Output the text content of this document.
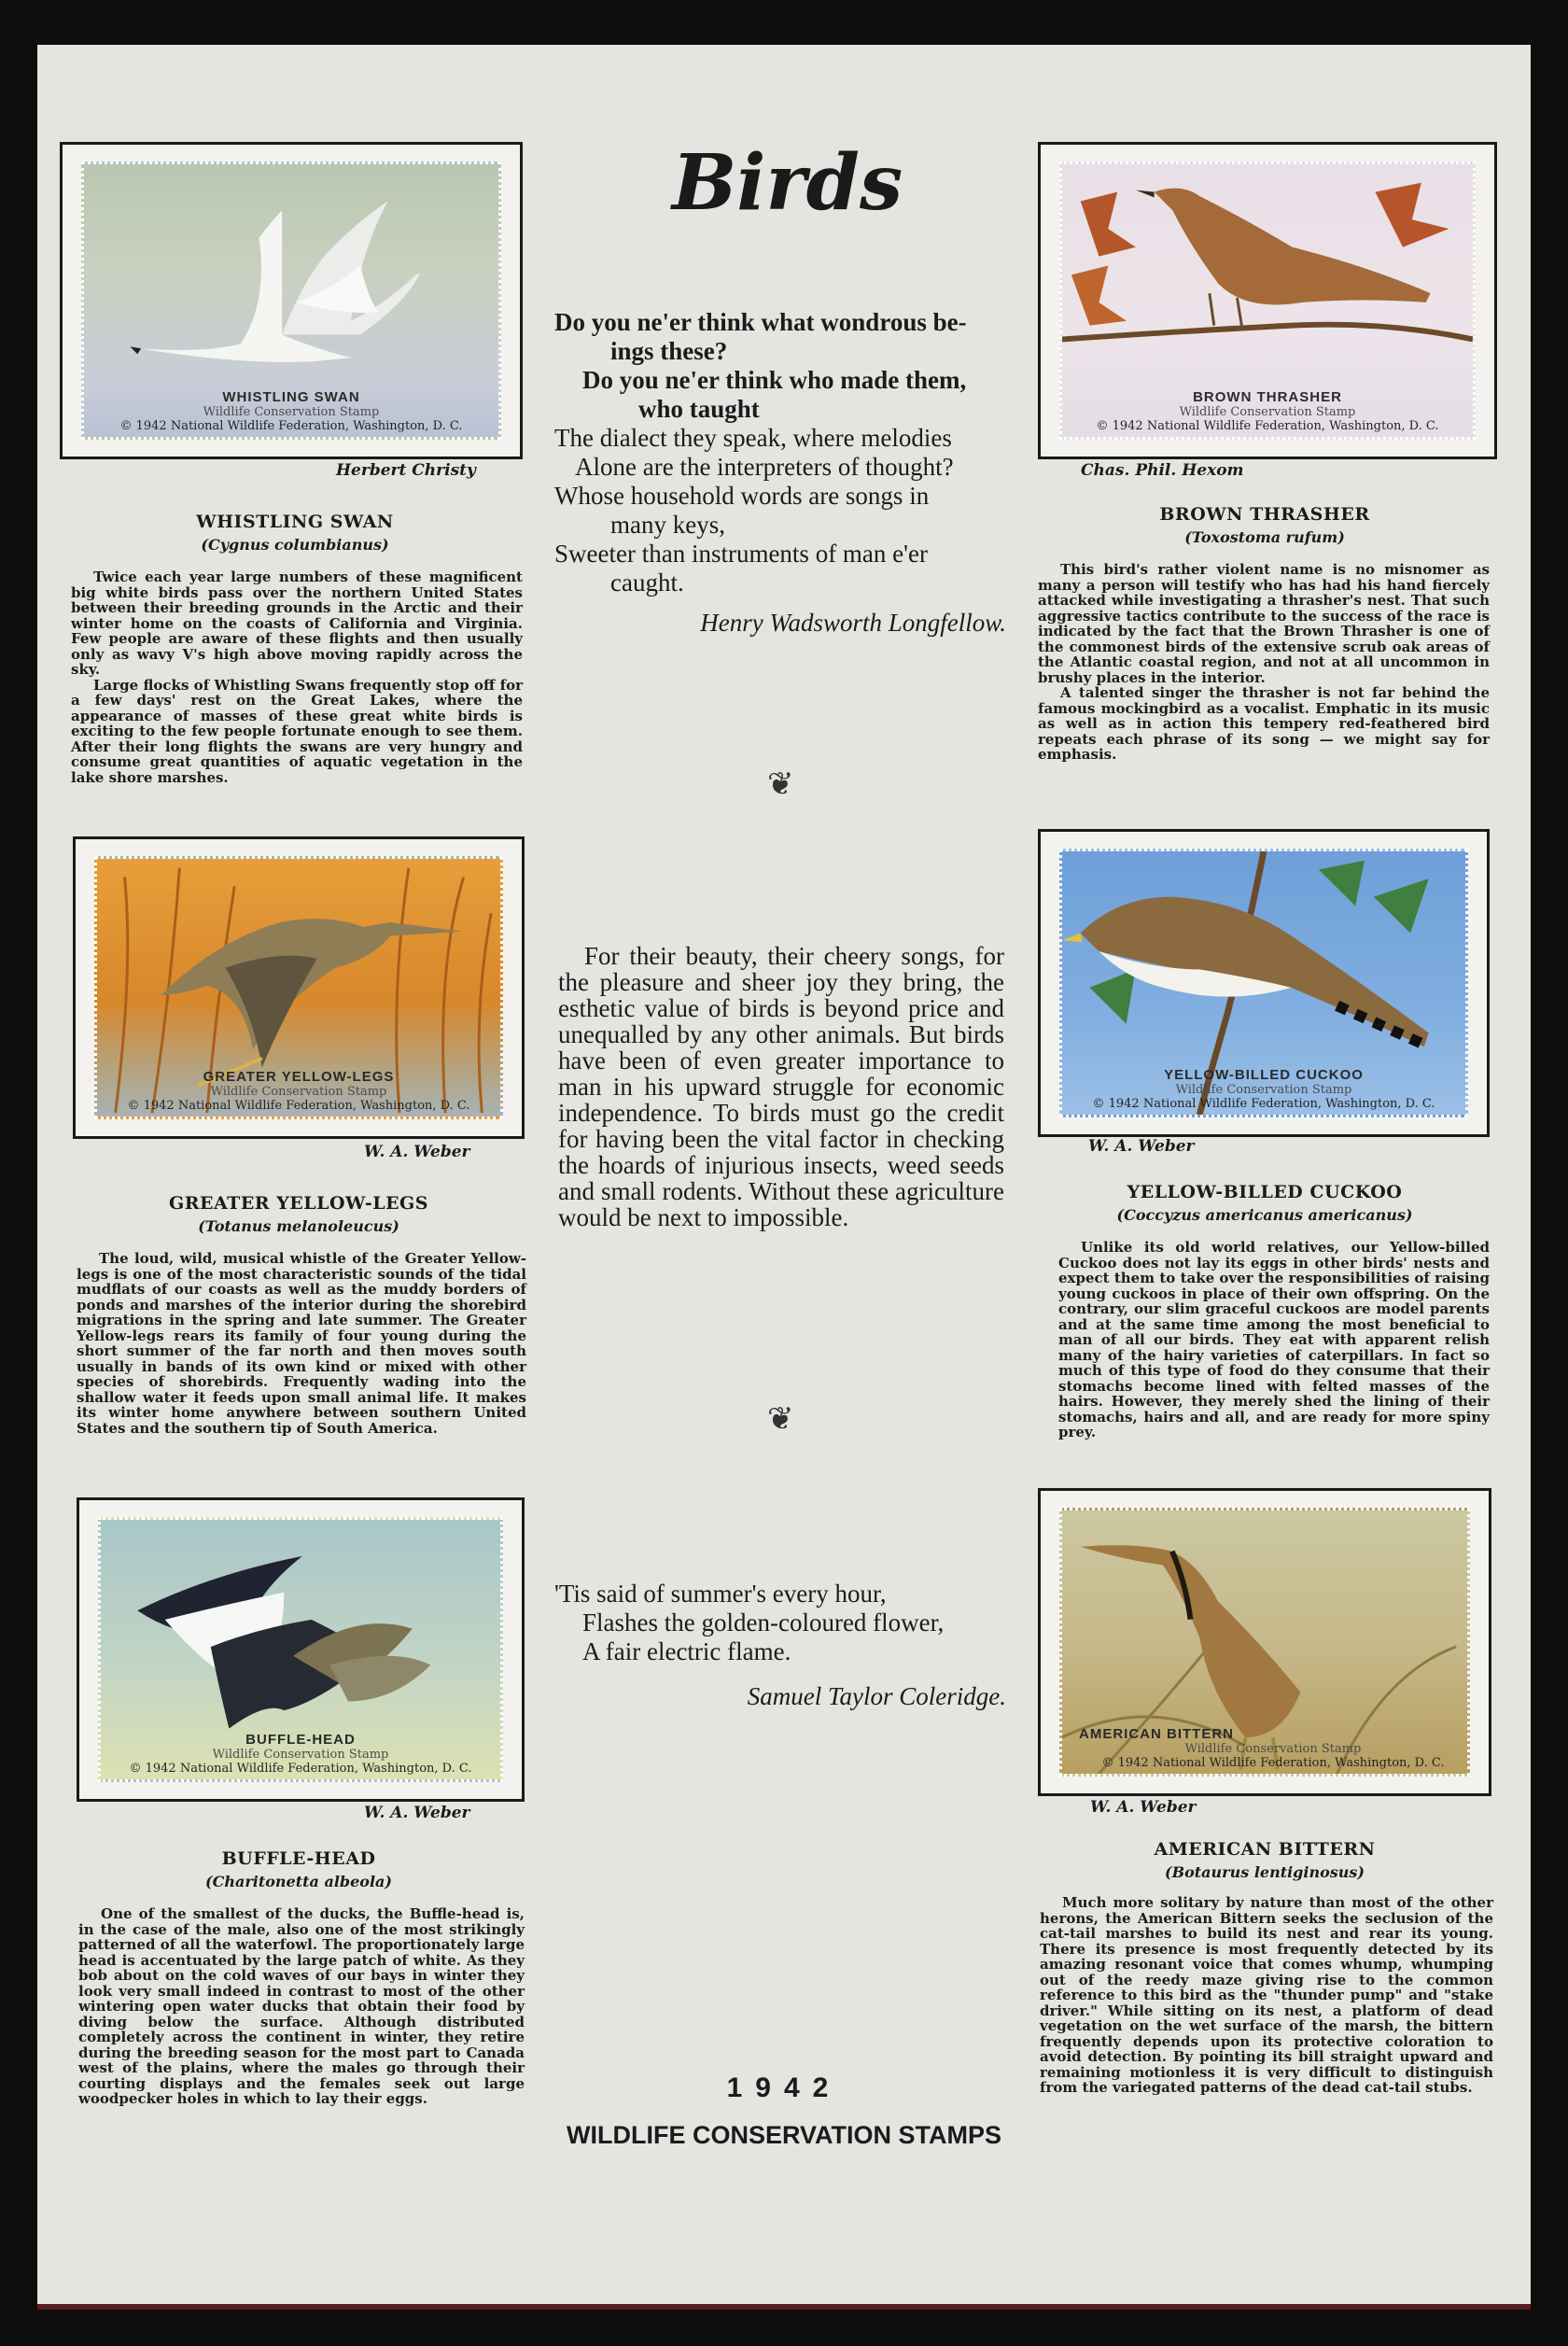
WHISTLING SWAN
Wildlife Conservation Stamp
© 1942 National Wildlife Federation, Washington, D. C.
Herbert Christy
WHISTLING SWAN
(Cygnus columbianus)

Twice each year large numbers of these magnificent big white birds pass over the northern United States between their breeding grounds in the Arctic and their winter home on the coasts of California and Virginia. Few people are aware of these flights and then usually only as wavy V's high above moving rapidly across the sky.

Large flocks of Whistling Swans frequently stop off for a few days' rest on the Great Lakes, where the appearance of masses of these great white birds is exciting to the few people fortunate enough to see them. After their long flights the swans are very hungry and consume great quantities of aquatic vegetation in the lake shore marshes.

GREATER YELLOW-LEGS
Wildlife Conservation Stamp
© 1942 National Wildlife Federation, Washington, D. C.
W. A. Weber
GREATER YELLOW-LEGS
(Totanus melanoleucus)

The loud, wild, musical whistle of the Greater Yellow-legs is one of the most characteristic sounds of the tidal mudflats of our coasts as well as the muddy borders of ponds and marshes of the interior during the shorebird migrations in the spring and late summer. The Greater Yellow-legs rears its family of four young during the short summer of the far north and then moves south usually in bands of its own kind or mixed with other species of shorebirds. Frequently wading into the shallow water it feeds upon small animal life. It makes its winter home anywhere between southern United States and the southern tip of South America.

BUFFLE-HEAD
Wildlife Conservation Stamp
© 1942 National Wildlife Federation, Washington, D. C.
W. A. Weber
BUFFLE-HEAD
(Charitonetta albeola)

One of the smallest of the ducks, the Buffle-head is, in the case of the male, also one of the most strikingly patterned of all the waterfowl. The proportionately large head is accentuated by the large patch of white. As they bob about on the cold waves of our bays in winter they look very small indeed in contrast to most of the other wintering open water ducks that obtain their food by diving below the surface. Although distributed completely across the continent in winter, they retire during the breeding season for the most part to Canada west of the plains, where the males go through their courting displays and the females seek out large woodpecker holes in which to lay their eggs.

Birds
Do you ne'er think what wondrous be-
ings these?
Do you ne'er think who made them,
who taught
The dialect they speak, where melodies
Alone are the interpreters of thought?
Whose household words are songs in
many keys,
Sweeter than instruments of man e'er
caught.
Henry Wadsworth Longfellow.
❦

For their beauty, their cheery songs, for the pleasure and sheer joy they bring, the esthetic value of birds is beyond price and unequalled by any other animals. But birds have been of even greater importance to man in his upward struggle for economic independence. To birds must go the credit for having been the vital factor in checking the hoards of injurious insects, weed seeds and small rodents. Without these agriculture would be next to impossible.

❦
'Tis said of summer's every hour,
Flashes the golden-coloured flower,
A fair electric flame.
Samuel Taylor Coleridge.
1942
WILDLIFE CONSERVATION STAMPS
BROWN THRASHER
Wildlife Conservation Stamp
© 1942 National Wildlife Federation, Washington, D. C.
Chas. Phil. Hexom
BROWN THRASHER
(Toxostoma rufum)

This bird's rather violent name is no misnomer as many a person will testify who has had his hand fiercely attacked while investigating a thrasher's nest. That such aggressive tactics contribute to the success of the race is indicated by the fact that the Brown Thrasher is one of the commonest birds of the extensive scrub oak areas of the Atlantic coastal region, and not at all uncommon in brushy places in the interior.

A talented singer the thrasher is not far behind the famous mockingbird as a vocalist. Emphatic in its music as well as in action this tempery red-feathered bird repeats each phrase of its song — we might say for emphasis.

YELLOW-BILLED CUCKOO
Wildlife Conservation Stamp
© 1942 National Wildlife Federation, Washington, D. C.
W. A. Weber
YELLOW-BILLED CUCKOO
(Coccyzus americanus americanus)

Unlike its old world relatives, our Yellow-billed Cuckoo does not lay its eggs in other birds' nests and expect them to take over the responsibilities of raising young cuckoos in place of their own offspring. On the contrary, our slim graceful cuckoos are model parents and at the same time among the most beneficial to man of all our birds. They eat with apparent relish many of the hairy varieties of caterpillars. In fact so much of this type of food do they consume that their stomachs become lined with felted masses of the hairs. However, they merely shed the lining of their stomachs, hairs and all, and are ready for more spiny prey.

AMERICAN BITTERN
Wildlife Conservation Stamp
© 1942 National Wildlife Federation, Washington, D. C.
W. A. Weber
AMERICAN BITTERN
(Botaurus lentiginosus)

Much more solitary by nature than most of the other herons, the American Bittern seeks the seclusion of the cat-tail marshes to build its nest and rear its young. There its presence is most frequently detected by its amazing resonant voice that comes whump, whumping out of the reedy maze giving rise to the common reference to this bird as the "thunder pump" and "stake driver." While sitting on its nest, a platform of dead vegetation on the wet surface of the marsh, the bittern frequently depends upon its protective coloration to avoid detection. By pointing its bill straight upward and remaining motionless it is very difficult to distinguish from the variegated patterns of the dead cat-tail stubs.
